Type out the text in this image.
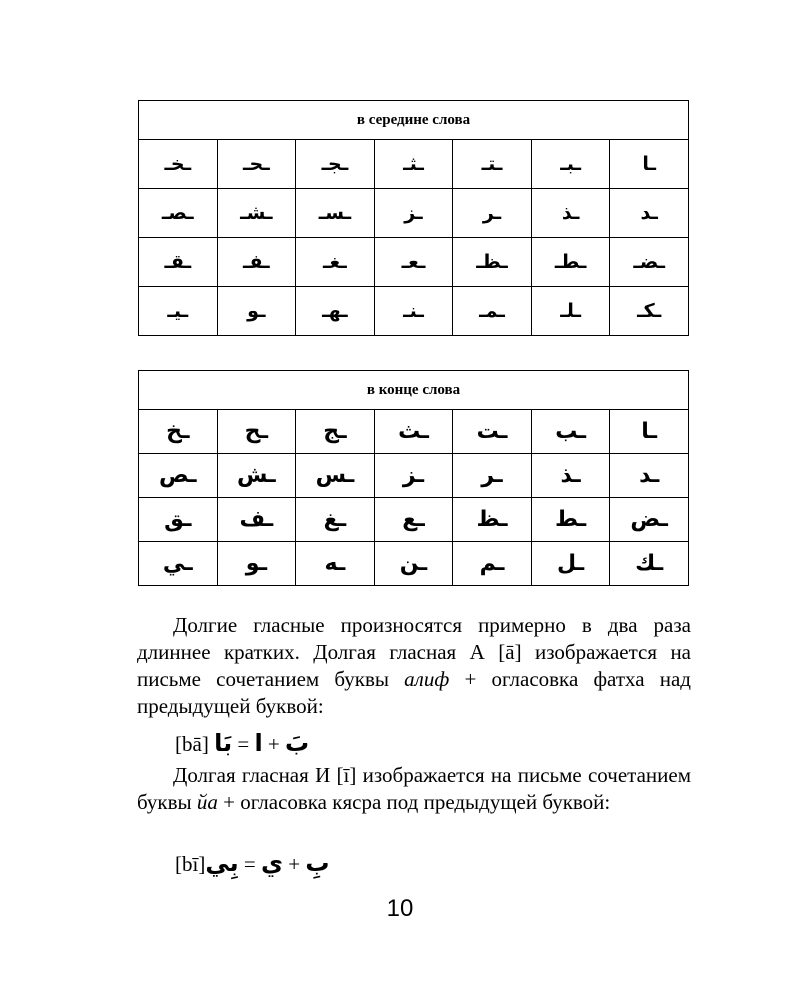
в середине слова						
ـخـ	ـحـ	ـجـ	ـثـ	ـتـ	ـبـ	ـا
ـصـ	ـشـ	ـسـ	ـز	ـر	ـذ	ـد
ـقـ	ـفـ	ـغـ	ـعـ	ـظـ	ـطـ	ـضـ
ـيـ	ـو	ـهـ	ـنـ	ـمـ	ـلـ	ـكـ
в конце слова						
ـخ	ـح	ـج	ـث	ـت	ـب	ـا
ـص	ـش	ـس	ـز	ـر	ـذ	ـد
ـق	ـف	ـغ	ـع	ـظ	ـط	ـض
ـي	ـو	ـه	ـن	ـم	ـل	ـك

Долгие гласные произносятся примерно в два раза длиннее кратких. Долгая гласная А [ā] изображается на письме сочетанием буквы алиф + огласовка фатха над предыдущей буквой:

[bā] بَا = ا + بَ

Долгая гласная И [ī] изображается на письме сочетанием буквы йа + огласовка кясра под предыдущей буквой:

[bī]بِي = ي + بِ

10
